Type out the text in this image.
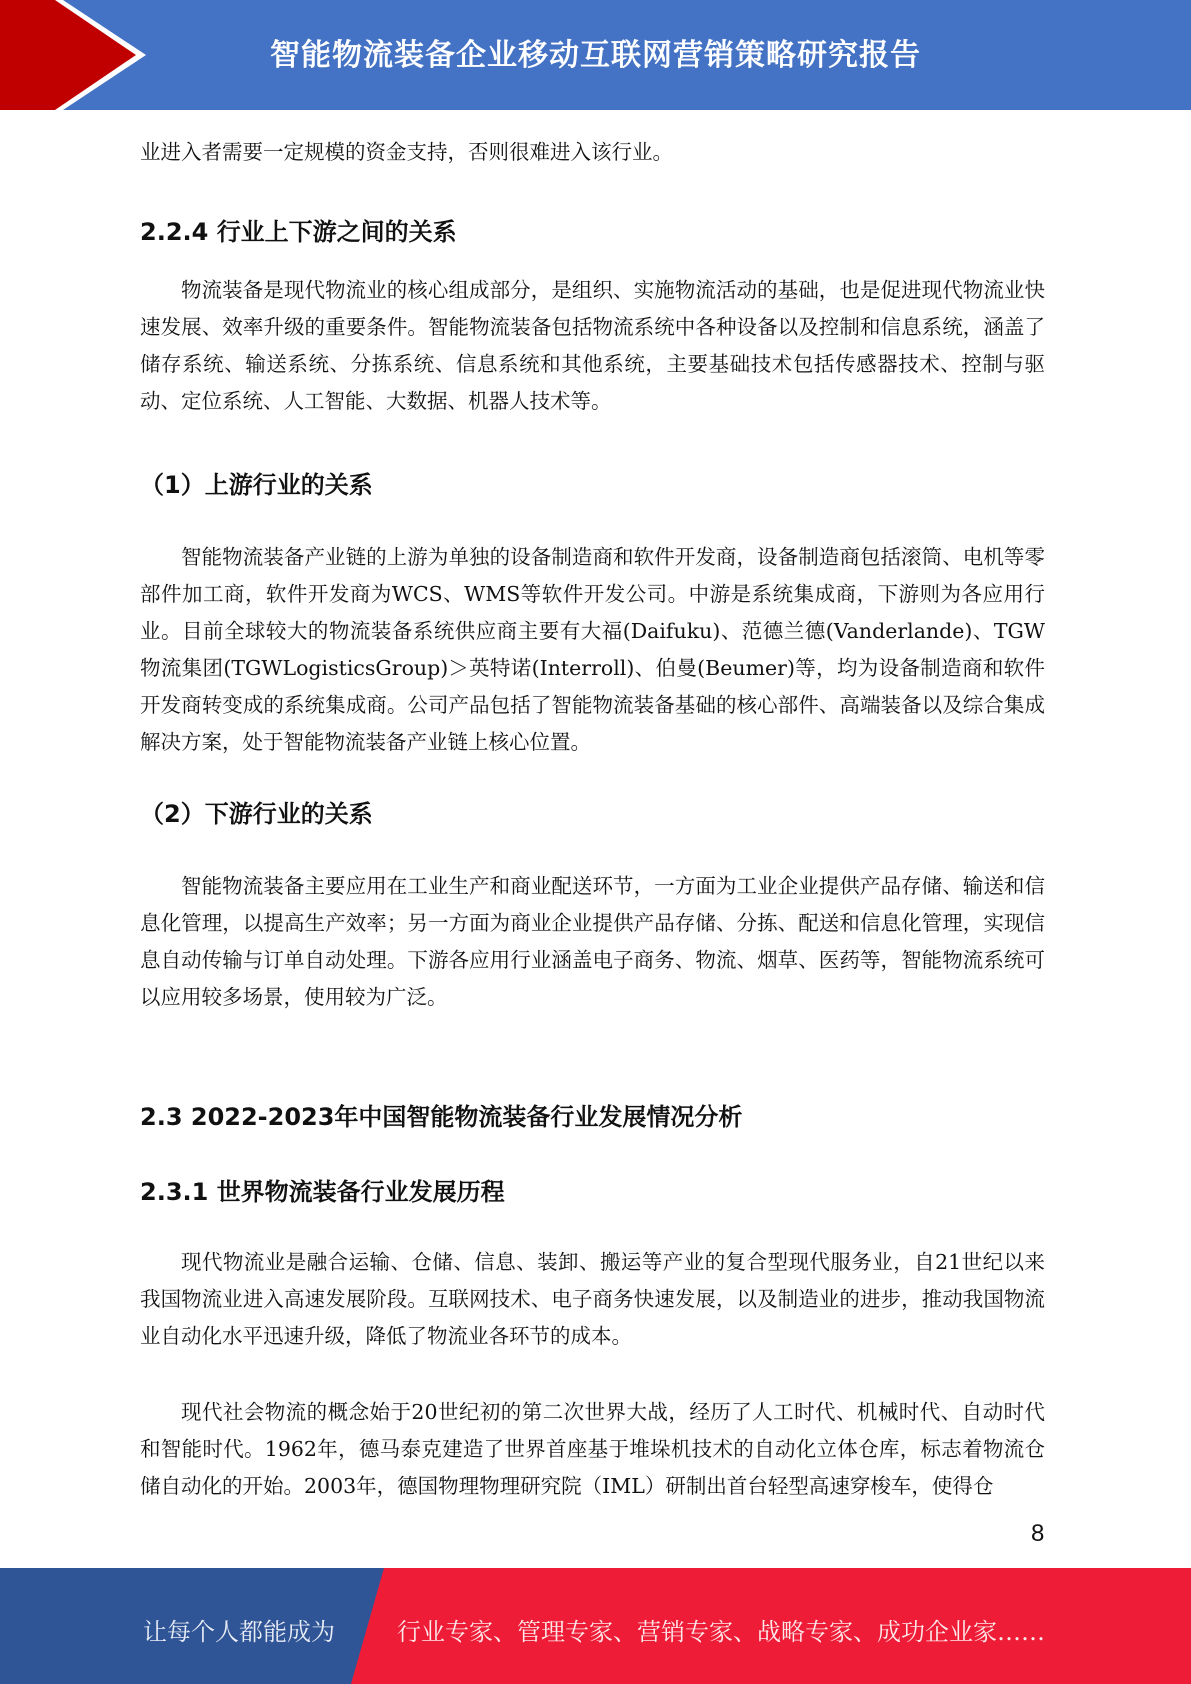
智能物流装备企业移动互联网营销策略研究报告
业进入者需要一定规模的资金支持，否则很难进入该行业。
2.2.4 行业上下游之间的关系
物流装备是现代物流业的核心组成部分，是组织、实施物流活动的基础，也是促进现代物流业快速发展、效率升级的重要条件。智能物流装备包括物流系统中各种设备以及控制和信息系统，涵盖了储存系统、输送系统、分拣系统、信息系统和其他系统，主要基础技术包括传感器技术、控制与驱动、定位系统、人工智能、大数据、机器人技术等。
（1）上游行业的关系
智能物流装备产业链的上游为单独的设备制造商和软件开发商，设备制造商包括滚筒、电机等零部件加工商，软件开发商为WCS、WMS等软件开发公司。中游是系统集成商，下游则为各应用行业。目前全球较大的物流装备系统供应商主要有大福(Daifuku)、范德兰德(Vanderlande)、TGW物流集团(TGWLogisticsGroup)＞英特诺(Interroll)、伯曼(Beumer)等，均为设备制造商和软件开发商转变成的系统集成商。公司产品包括了智能物流装备基础的核心部件、高端装备以及综合集成解决方案，处于智能物流装备产业链上核心位置。
（2）下游行业的关系
智能物流装备主要应用在工业生产和商业配送环节，一方面为工业企业提供产品存储、输送和信息化管理，以提高生产效率；另一方面为商业企业提供产品存储、分拣、配送和信息化管理，实现信息自动传输与订单自动处理。下游各应用行业涵盖电子商务、物流、烟草、医药等，智能物流系统可以应用较多场景，使用较为广泛。
2.3 2022-2023年中国智能物流装备行业发展情况分析
2.3.1 世界物流装备行业发展历程
现代物流业是融合运输、仓储、信息、装卸、搬运等产业的复合型现代服务业，自21世纪以来我国物流业进入高速发展阶段。互联网技术、电子商务快速发展，以及制造业的进步，推动我国物流业自动化水平迅速升级，降低了物流业各环节的成本。
现代社会物流的概念始于20世纪初的第二次世界大战，经历了人工时代、机械时代、自动时代和智能时代。1962年，德马泰克建造了世界首座基于堆垛机技术的自动化立体仓库，标志着物流仓储自动化的开始。2003年，德国物理物理研究院（IML）研制出首台轻型高速穿梭车，使得仓
8
让每个人都能成为	行业专家、管理专家、营销专家、战略专家、成功企业家……
